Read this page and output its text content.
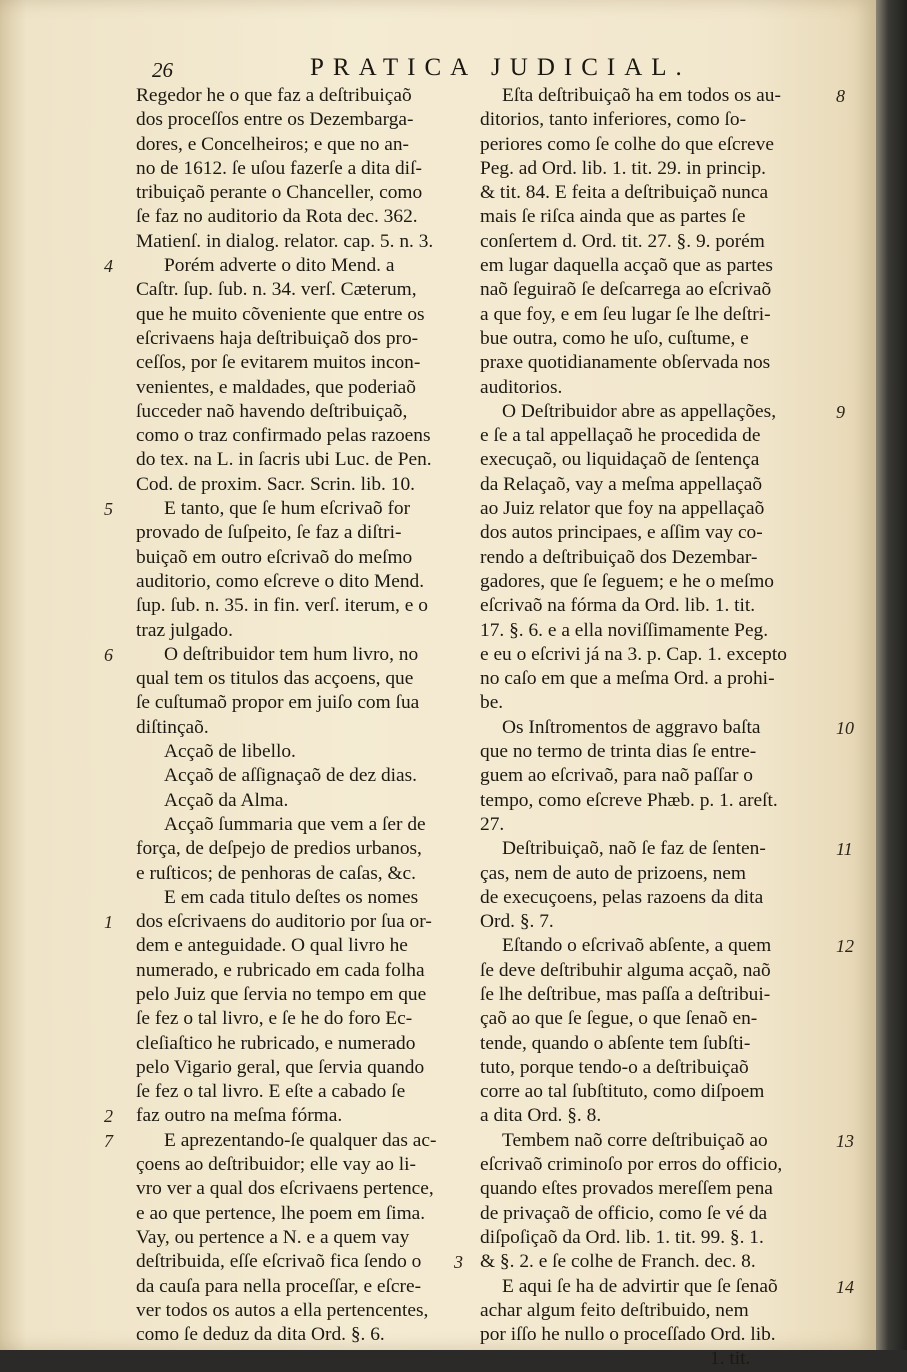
26	PRATICA JUDICIAL.
Regedor he o que faz a deſtribuiçaõ
dos proceſſos entre os Dezembarga-
dores, e Concelheiros; e que no an-
no de 1612. ſe uſou fazerſe a dita diſ-
tribuiçaõ perante o Chanceller, como
ſe faz no auditorio da Rota dec. 362.
Matienſ. in dialog. relator. cap. 5. n. 3.
4	Porém adverte o dito Mend. a
Caſtr. ſup. ſub. n. 34. verſ. Cæterum,
que he muito cõveniente que entre os
eſcrivaens haja deſtribuiçaõ dos pro-
ceſſos, por ſe evitarem muitos incon-
venientes, e maldades, que poderiaõ
ſucceder naõ havendo deſtribuiçaõ,
como o traz confirmado pelas razoens
do tex. na L. in ſacris ubi Luc. de Pen.
Cod. de proxim. Sacr. Scrin. lib. 10.
5	E tanto, que ſe hum eſcrivaõ for
provado de ſuſpeito, ſe faz a diſtri-
buiçaõ em outro eſcrivaõ do meſmo
auditorio, como eſcreve o dito Mend.
ſup. ſub. n. 35. in fin. verſ. iterum, e o
traz julgado.
6	O deſtribuidor tem hum livro, no
qual tem os titulos das acçoens, que
ſe cuſtumaõ propor em juiſo com ſua
diſtinçaõ.
Acçaõ de libello.
Acçaõ de aſſignaçaõ de dez dias.
Acçaõ da Alma.
Acçaõ ſummaria que vem a ſer de
força, de deſpejo de predios urbanos,
e ruſticos; de penhoras de caſas, &c.
E em cada titulo deſtes os nomes
1 dos eſcrivaens do auditorio por ſua or-
dem e anteguidade. O qual livro he
numerado, e rubricado em cada folha
pelo Juiz que ſervia no tempo em que
ſe fez o tal livro, e ſe he do foro Ec-
cleſiaſtico he rubricado, e numerado
pelo Vigario geral, que ſervia quando
ſe fez o tal livro. E eſte a cabado ſe
2 faz outro na meſma fórma.
7	E aprezentando-ſe qualquer das ac-
çoens ao deſtribuidor; elle vay ao li-
vro ver a qual dos eſcrivaens pertence,
e ao que pertence, lhe poem em ſima.
Vay, ou pertence a N. e a quem vay
deſtribuida, eſſe eſcrivaõ fica ſendo o
da cauſa para nella proceſſar, e eſcre-
ver todos os autos a ella pertencentes,
como ſe deduz da dita Ord. §. 6.
8
Eſta deſtribuiçaõ ha em todos os au-
ditorios, tanto inferiores, como ſo-
periores como ſe colhe do que eſcreve
Peg. ad Ord. lib. 1. tit. 29. in princip.
& tit. 84. E feita a deſtribuiçaõ nunca
mais ſe riſca ainda que as partes ſe
conſertem d. Ord. tit. 27. §. 9. porém
em lugar daquella acçaõ que as partes
naõ ſeguiraõ ſe deſcarrega ao eſcrivaõ
a que foy, e em ſeu lugar ſe lhe deſtri-
bue outra, como he uſo, cuſtume, e
praxe quotidianamente obſervada nos
auditorios.
9
O Deſtribuidor abre as appellações,
e ſe a tal appellaçaõ he procedida de
execuçaõ, ou liquidaçaõ de ſentença
da Relaçaõ, vay a meſma appellaçaõ
ao Juiz relator que foy na appellaçaõ
dos autos principaes, e aſſim vay co-
rendo a deſtribuiçaõ dos Dezembar-
gadores, que ſe ſeguem; e he o meſmo
eſcrivaõ na fórma da Ord. lib. 1. tit.
17. §. 6. e a ella noviſſimamente Peg.
e eu o eſcrivi já na 3. p. Cap. 1. excepto
no caſo em que a meſma Ord. a prohi-
be.
10
Os Inſtromentos de aggravo baſta
que no termo de trinta dias ſe entre-
guem ao eſcrivaõ, para naõ paſſar o
tempo, como eſcreve Phæb. p. 1. areſt.
27.
11
Deſtribuiçaõ, naõ ſe faz de ſenten-
ças, nem de auto de prizoens, nem
de execuçoens, pelas razoens da dita
Ord. §. 7.
12
Eſtando o eſcrivaõ abſente, a quem
ſe deve deſtribuhir alguma acçaõ, naõ
ſe lhe deſtribue, mas paſſa a deſtribui-
çaõ ao que ſe ſegue, o que ſenaõ en-
tende, quando o abſente tem ſubſti-
tuto, porque tendo-o a deſtribuiçaõ
corre ao tal ſubſtituto, como diſpoem
a dita Ord. §. 8.
13
Tembem naõ corre deſtribuiçaõ ao
eſcrivaõ criminoſo por erros do officio,
quando eſtes provados mereſſem pena
de privaçaõ de officio, como ſe vé da
diſpoſiçaõ da Ord. lib. 1. tit. 99. §. 1.
3 & §. 2. e ſe colhe de Franch. dec. 8.
14
E aqui ſe ha de advirtir que ſe ſenaõ
achar algum feito deſtribuido, nem
por iſſo he nullo o proceſſado Ord. lib.
1. tit.
